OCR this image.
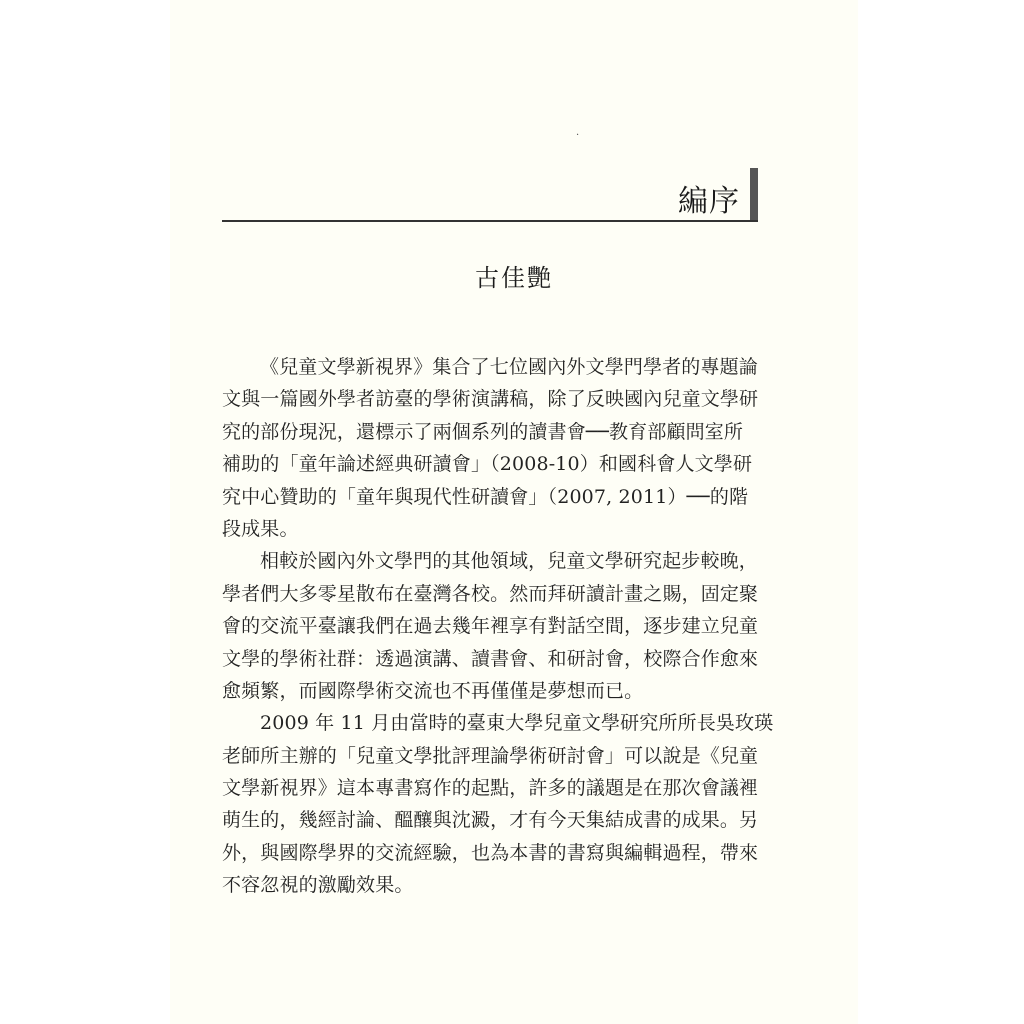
·
編序
古佳艷
《兒童文學新視界》集合了七位國內外文學門學者的專題論
文與一篇國外學者訪臺的學術演講稿，除了反映國內兒童文學研
究的部份現況，還標示了兩個系列的讀書會──教育部顧問室所
補助的「童年論述經典研讀會」（2008-10）和國科會人文學研
究中心贊助的「童年與現代性研讀會」（2007, 2011）──的階
段成果。
相較於國內外文學門的其他領域，兒童文學研究起步較晚，
學者們大多零星散布在臺灣各校。然而拜研讀計畫之賜，固定聚
會的交流平臺讓我們在過去幾年裡享有對話空間，逐步建立兒童
文學的學術社群：透過演講、讀書會、和研討會，校際合作愈來
愈頻繁，而國際學術交流也不再僅僅是夢想而已。
2009 年 11 月由當時的臺東大學兒童文學研究所所長吳玫瑛
老師所主辦的「兒童文學批評理論學術研討會」可以說是《兒童
文學新視界》這本專書寫作的起點，許多的議題是在那次會議裡
萌生的，幾經討論、醞釀與沈澱，才有今天集結成書的成果。另
外，與國際學界的交流經驗，也為本書的書寫與編輯過程，帶來
不容忽視的激勵效果。
